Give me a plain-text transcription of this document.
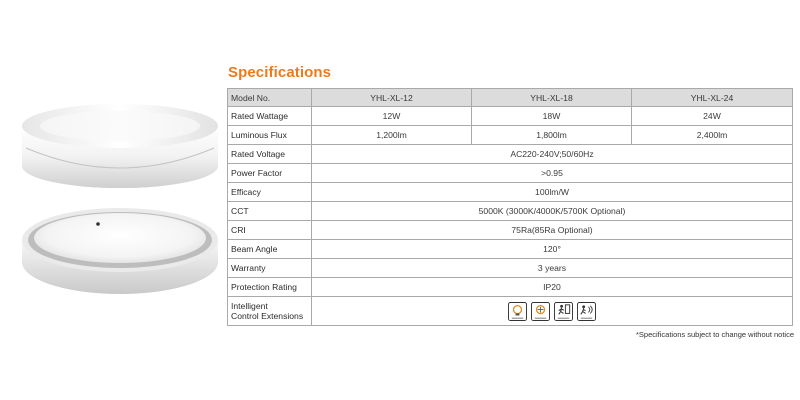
Specifications
Model No.	YHL-XL-12	YHL-XL-18	YHL-XL-24
Rated Wattage	12W	18W	24W
Luminous Flux	1,200lm	1,800lm	2,400lm
Rated Voltage	AC220-240V;50/60Hz		
Power Factor	>0.95		
Efficacy	100lm/W		
CCT	5000K (3000K/4000K/5700K Optional)		
CRI	75Ra(85Ra Optional)		
Beam Angle	120°		
Warranty	3 years		
Protection Rating	IP20		
Intelligent
Control Extensions	

*Specifications subject to change without notice
